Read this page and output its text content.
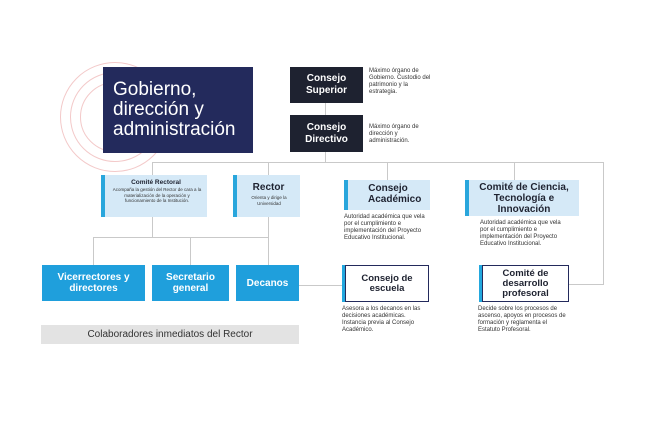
Gobierno, dirección y administración
Consejo Superior
Máximo órgano de Gobierno. Custodio del patrimonio y la estrategia.
Consejo Directivo
Máximo órgano de dirección y administración.
Comité Rectoral
Acompaña la gestión del Rector de cara a la materialización de la operación y funcionamiento de la Institución.
Rector
Orienta y dirige la Universidad
Consejo Académico
Autoridad académica que vela por el cumplimiento e implementación del Proyecto Educativo Institucional.
Comité de Ciencia, Tecnología e Innovación
Autoridad académica que vela por el cumplimiento e implementación del Proyecto Educativo Institucional.
Vicerrectores y directores
Secretario general	Decanos	Consejo de escuela
Asesora a los decanos en las decisiones académicas. Instancia previa al Consejo Académico.
Comité de desarrollo profesoral
Decide sobre los procesos de ascenso, apoyos en procesos de formación y reglamenta el Estatuto Profesoral.
Colaboradores inmediatos del Rector
